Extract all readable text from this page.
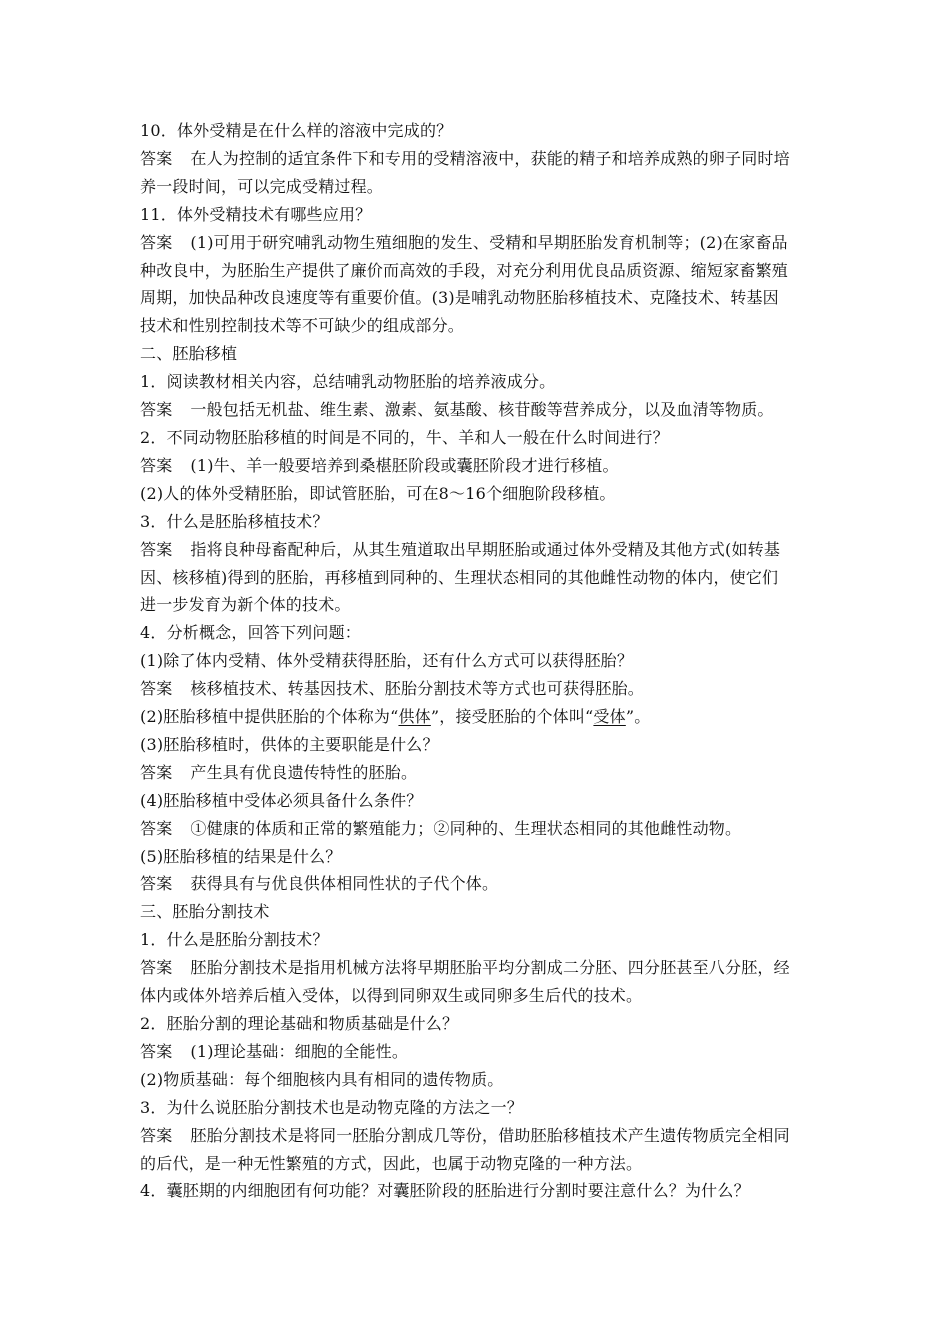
10．体外受精是在什么样的溶液中完成的？
答案 在人为控制的适宜条件下和专用的受精溶液中，获能的精子和培养成熟的卵子同时培
养一段时间，可以完成受精过程。
11．体外受精技术有哪些应用？
答案 (1)可用于研究哺乳动物生殖细胞的发生、受精和早期胚胎发育机制等；(2)在家畜品
种改良中，为胚胎生产提供了廉价而高效的手段，对充分利用优良品质资源、缩短家畜繁殖
周期，加快品种改良速度等有重要价值。(3)是哺乳动物胚胎移植技术、克隆技术、转基因
技术和性别控制技术等不可缺少的组成部分。
二、胚胎移植
1．阅读教材相关内容，总结哺乳动物胚胎的培养液成分。
答案 一般包括无机盐、维生素、激素、氨基酸、核苷酸等营养成分，以及血清等物质。
2．不同动物胚胎移植的时间是不同的，牛、羊和人一般在什么时间进行？
答案 (1)牛、羊一般要培养到桑椹胚阶段或囊胚阶段才进行移植。
(2)人的体外受精胚胎，即试管胚胎，可在8～16个细胞阶段移植。
3．什么是胚胎移植技术？
答案 指将良种母畜配种后，从其生殖道取出早期胚胎或通过体外受精及其他方式(如转基
因、核移植)得到的胚胎，再移植到同种的、生理状态相同的其他雌性动物的体内，使它们
进一步发育为新个体的技术。
4．分析概念，回答下列问题：
(1)除了体内受精、体外受精获得胚胎，还有什么方式可以获得胚胎？
答案 核移植技术、转基因技术、胚胎分割技术等方式也可获得胚胎。
(2)胚胎移植中提供胚胎的个体称为“供体”，接受胚胎的个体叫“受体”。
(3)胚胎移植时，供体的主要职能是什么？
答案 产生具有优良遗传特性的胚胎。
(4)胚胎移植中受体必须具备什么条件？
答案 ①健康的体质和正常的繁殖能力；②同种的、生理状态相同的其他雌性动物。
(5)胚胎移植的结果是什么？
答案 获得具有与优良供体相同性状的子代个体。
三、胚胎分割技术
1．什么是胚胎分割技术？
答案 胚胎分割技术是指用机械方法将早期胚胎平均分割成二分胚、四分胚甚至八分胚，经
体内或体外培养后植入受体，以得到同卵双生或同卵多生后代的技术。
2．胚胎分割的理论基础和物质基础是什么？
答案 (1)理论基础：细胞的全能性。
(2)物质基础：每个细胞核内具有相同的遗传物质。
3．为什么说胚胎分割技术也是动物克隆的方法之一？
答案 胚胎分割技术是将同一胚胎分割成几等份，借助胚胎移植技术产生遗传物质完全相同
的后代，是一种无性繁殖的方式，因此，也属于动物克隆的一种方法。
4．囊胚期的内细胞团有何功能？对囊胚阶段的胚胎进行分割时要注意什么？为什么？
